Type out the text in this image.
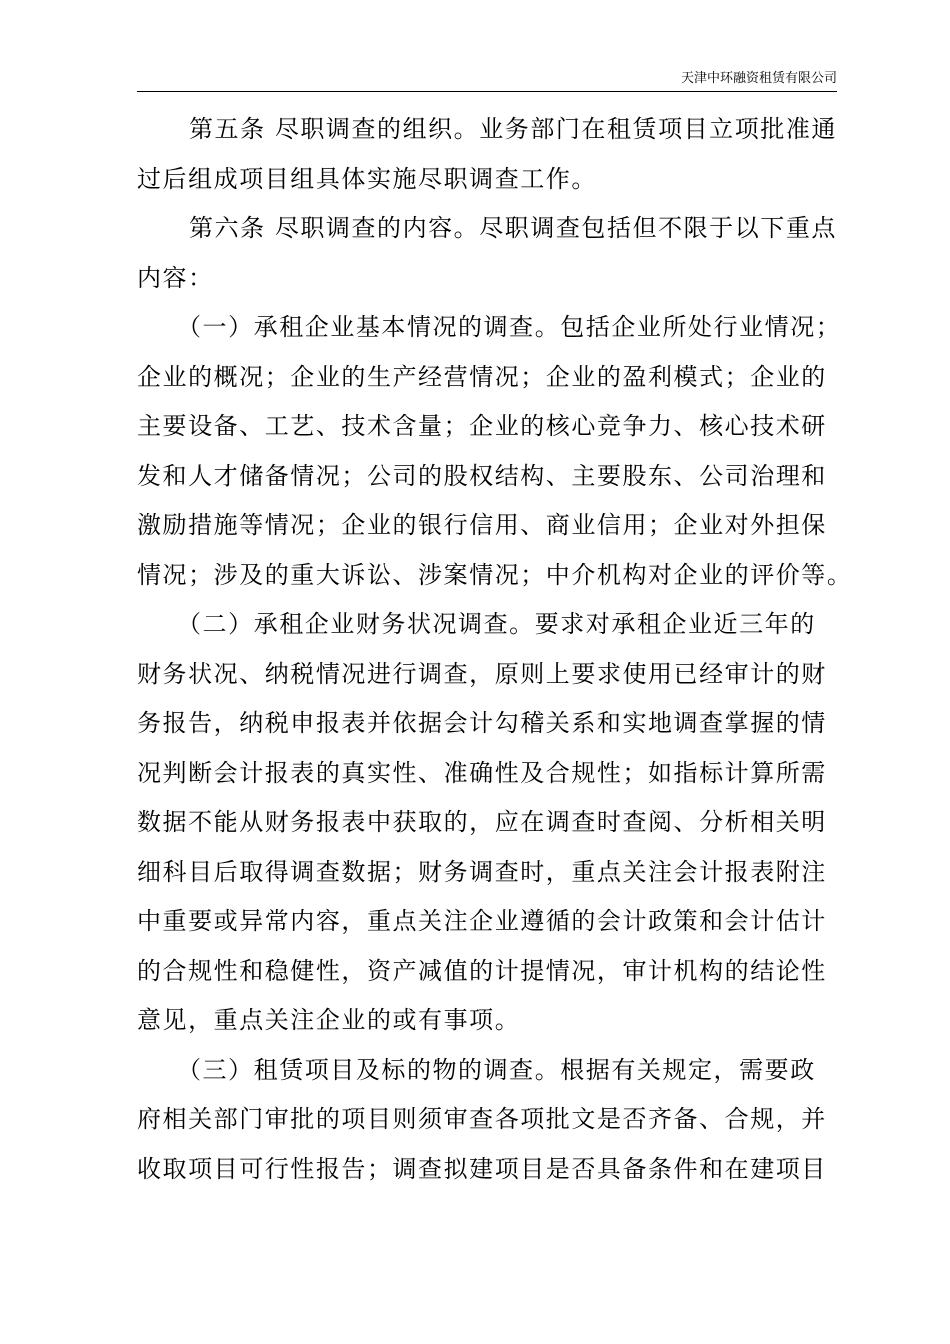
天津中环融资租赁有限公司
第五条 尽职调查的组织。业务部门在租赁项目立项批准通
过后组成项目组具体实施尽职调查工作。
第六条 尽职调查的内容。尽职调查包括但不限于以下重点
内容：
（一）承租企业基本情况的调查。包括企业所处行业情况；
企业的概况；企业的生产经营情况；企业的盈利模式；企业的
主要设备、工艺、技术含量；企业的核心竞争力、核心技术研
发和人才储备情况；公司的股权结构、主要股东、公司治理和
激励措施等情况；企业的银行信用、商业信用；企业对外担保
情况；涉及的重大诉讼、涉案情况；中介机构对企业的评价等。
（二）承租企业财务状况调查。要求对承租企业近三年的
财务状况、纳税情况进行调查，原则上要求使用已经审计的财
务报告，纳税申报表并依据会计勾稽关系和实地调查掌握的情
况判断会计报表的真实性、准确性及合规性；如指标计算所需
数据不能从财务报表中获取的，应在调查时查阅、分析相关明
细科目后取得调查数据；财务调查时，重点关注会计报表附注
中重要或异常内容，重点关注企业遵循的会计政策和会计估计
的合规性和稳健性，资产减值的计提情况，审计机构的结论性
意见，重点关注企业的或有事项。
（三）租赁项目及标的物的调查。根据有关规定，需要政
府相关部门审批的项目则须审查各项批文是否齐备、合规，并
收取项目可行性报告；调查拟建项目是否具备条件和在建项目
